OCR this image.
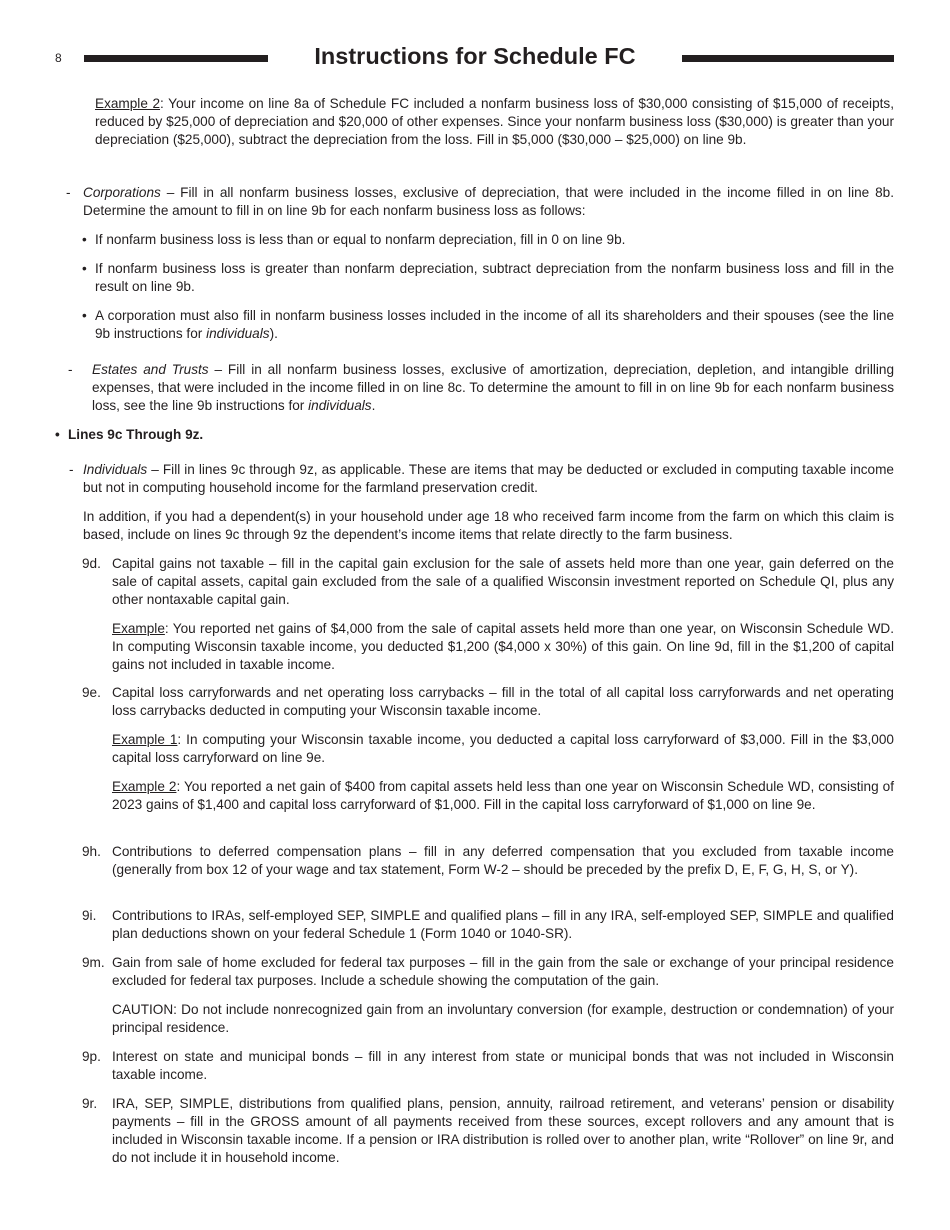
8	Instructions for Schedule FC
Example 2: Your income on line 8a of Schedule FC included a nonfarm business loss of $30,000 consisting of $15,000 of receipts, reduced by $25,000 of depreciation and $20,000 of other expenses. Since your nonfarm business loss ($30,000) is greater than your depreciation ($25,000), subtract the depreciation from the loss. Fill in $5,000 ($30,000 – $25,000) on line 9b.
- Corporations – Fill in all nonfarm business losses, exclusive of depreciation, that were included in the income filled in on line 8b. Determine the amount to fill in on line 9b for each nonfarm business loss as follows:
• If nonfarm business loss is less than or equal to nonfarm depreciation, fill in 0 on line 9b.
• If nonfarm business loss is greater than nonfarm depreciation, subtract depreciation from the nonfarm business loss and fill in the result on line 9b.
• A corporation must also fill in nonfarm business losses included in the income of all its shareholders and their spouses (see the line 9b instructions for individuals).
-	Estates and Trusts – Fill in all nonfarm business losses, exclusive of amortization, depreciation, depletion, and intangible drilling expenses, that were included in the income filled in on line 8c. To determine the amount to fill in on line 9b for each nonfarm business loss, see the line 9b instructions for individuals.
• Lines 9c Through 9z.
- Individuals – Fill in lines 9c through 9z, as applicable. These are items that may be deducted or excluded in computing taxable income but not in computing household income for the farmland preservation credit.
In addition, if you had a dependent(s) in your household under age 18 who received farm income from the farm on which this claim is based, include on lines 9c through 9z the dependent’s income items that relate directly to the farm business.
9d. Capital gains not taxable – fill in the capital gain exclusion for the sale of assets held more than one year, gain deferred on the sale of capital assets, capital gain excluded from the sale of a qualified Wisconsin investment reported on Schedule QI, plus any other nontaxable capital gain.
Example: You reported net gains of $4,000 from the sale of capital assets held more than one year, on Wisconsin Schedule WD. In computing Wisconsin taxable income, you deducted $1,200 ($4,000 x 30%) of this gain. On line 9d, fill in the $1,200 of capital gains not included in taxable income.
9e. Capital loss carryforwards and net operating loss carrybacks – fill in the total of all capital loss carryforwards and net operating loss carrybacks deducted in computing your Wisconsin taxable income.
Example 1: In computing your Wisconsin taxable income, you deducted a capital loss carryforward of $3,000. Fill in the $3,000 capital loss carryforward on line 9e.
Example 2: You reported a net gain of $400 from capital assets held less than one year on Wisconsin Schedule WD, consisting of 2023 gains of $1,400 and capital loss carryforward of $1,000. Fill in the capital loss carryforward of $1,000 on line 9e.
9h. Contributions to deferred compensation plans – fill in any deferred compensation that you excluded from taxable income (generally from box 12 of your wage and tax statement, Form W-2 – should be preceded by the prefix D, E, F, G, H, S, or Y).
9i.	Contributions to IRAs, self-employed SEP, SIMPLE and qualified plans – fill in any IRA, self-employed SEP, SIMPLE and qualified plan deductions shown on your federal Schedule 1 (Form 1040 or 1040-SR).
9m. Gain from sale of home excluded for federal tax purposes – fill in the gain from the sale or exchange of your principal residence excluded for federal tax purposes. Include a schedule showing the computation of the gain.
CAUTION: Do not include nonrecognized gain from an involuntary conversion (for example, destruction or condemnation) of your principal residence.
9p. Interest on state and municipal bonds – fill in any interest from state or municipal bonds that was not included in Wisconsin taxable income.
9r.	IRA, SEP, SIMPLE, distributions from qualified plans, pension, annuity, railroad retirement, and veterans’ pension or disability payments – fill in the GROSS amount of all payments received from these sources, except rollovers and any amount that is included in Wisconsin taxable income. If a pension or IRA distribution is rolled over to another plan, write “Rollover” on line 9r, and do not include it in household income.
